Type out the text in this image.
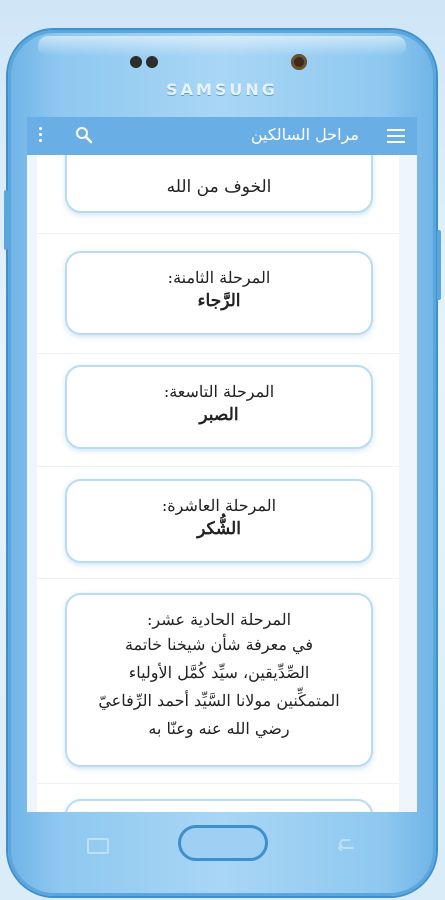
SAMSUNG
مراحل السالكين
الخوف من الله
المرحلة الثامنة:
الرَّجاء
المرحلة التاسعة:
الصبر
المرحلة العاشرة:
الشُّكر
المرحلة الحادية عشر:
في معرفة شأن شيخنا خاتمة
الصِّدِّيقين، سيِّد كُمَّل الأولياء
المتمكِّنين مولانا السَّيِّد أحمد الرِّفاعيّ
رضي الله عنه وعنّا به
